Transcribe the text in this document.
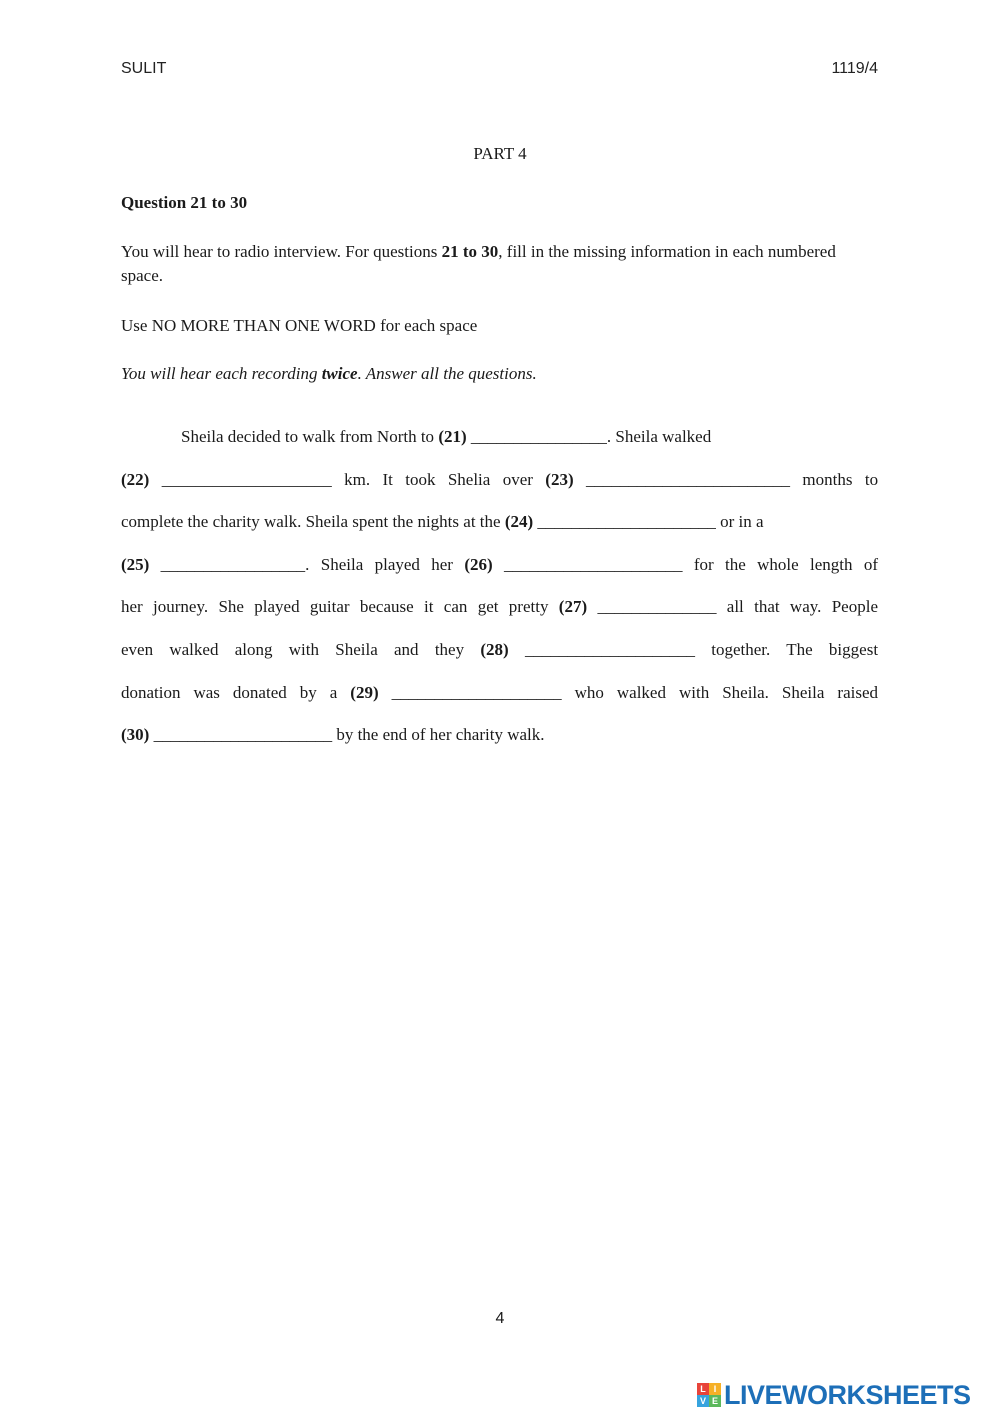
SULIT	1119/4
PART 4
Question 21 to 30
You will hear to radio interview. For questions 21 to 30, fill in the missing information in each numbered space.
Use NO MORE THAN ONE WORD for each space
You will hear each recording twice. Answer all the questions.
Sheila decided to walk from North to (21) ________________. Sheila walked
(22) ____________________ km. It took Shelia over (23) ________________________ months to
complete the charity walk. Sheila spent the nights at the (24) _____________________ or in a
(25) _________________. Sheila played her (26) _____________________ for the whole length of
her journey. She played guitar because it can get pretty (27) ______________ all that way. People
even walked along with Sheila and they (28) ____________________ together. The biggest
donation was donated by a (29) ____________________ who walked with Sheila. Sheila raised
(30) _____________________ by the end of her charity walk.
4
L I
V E LIVEWORKSHEETS
